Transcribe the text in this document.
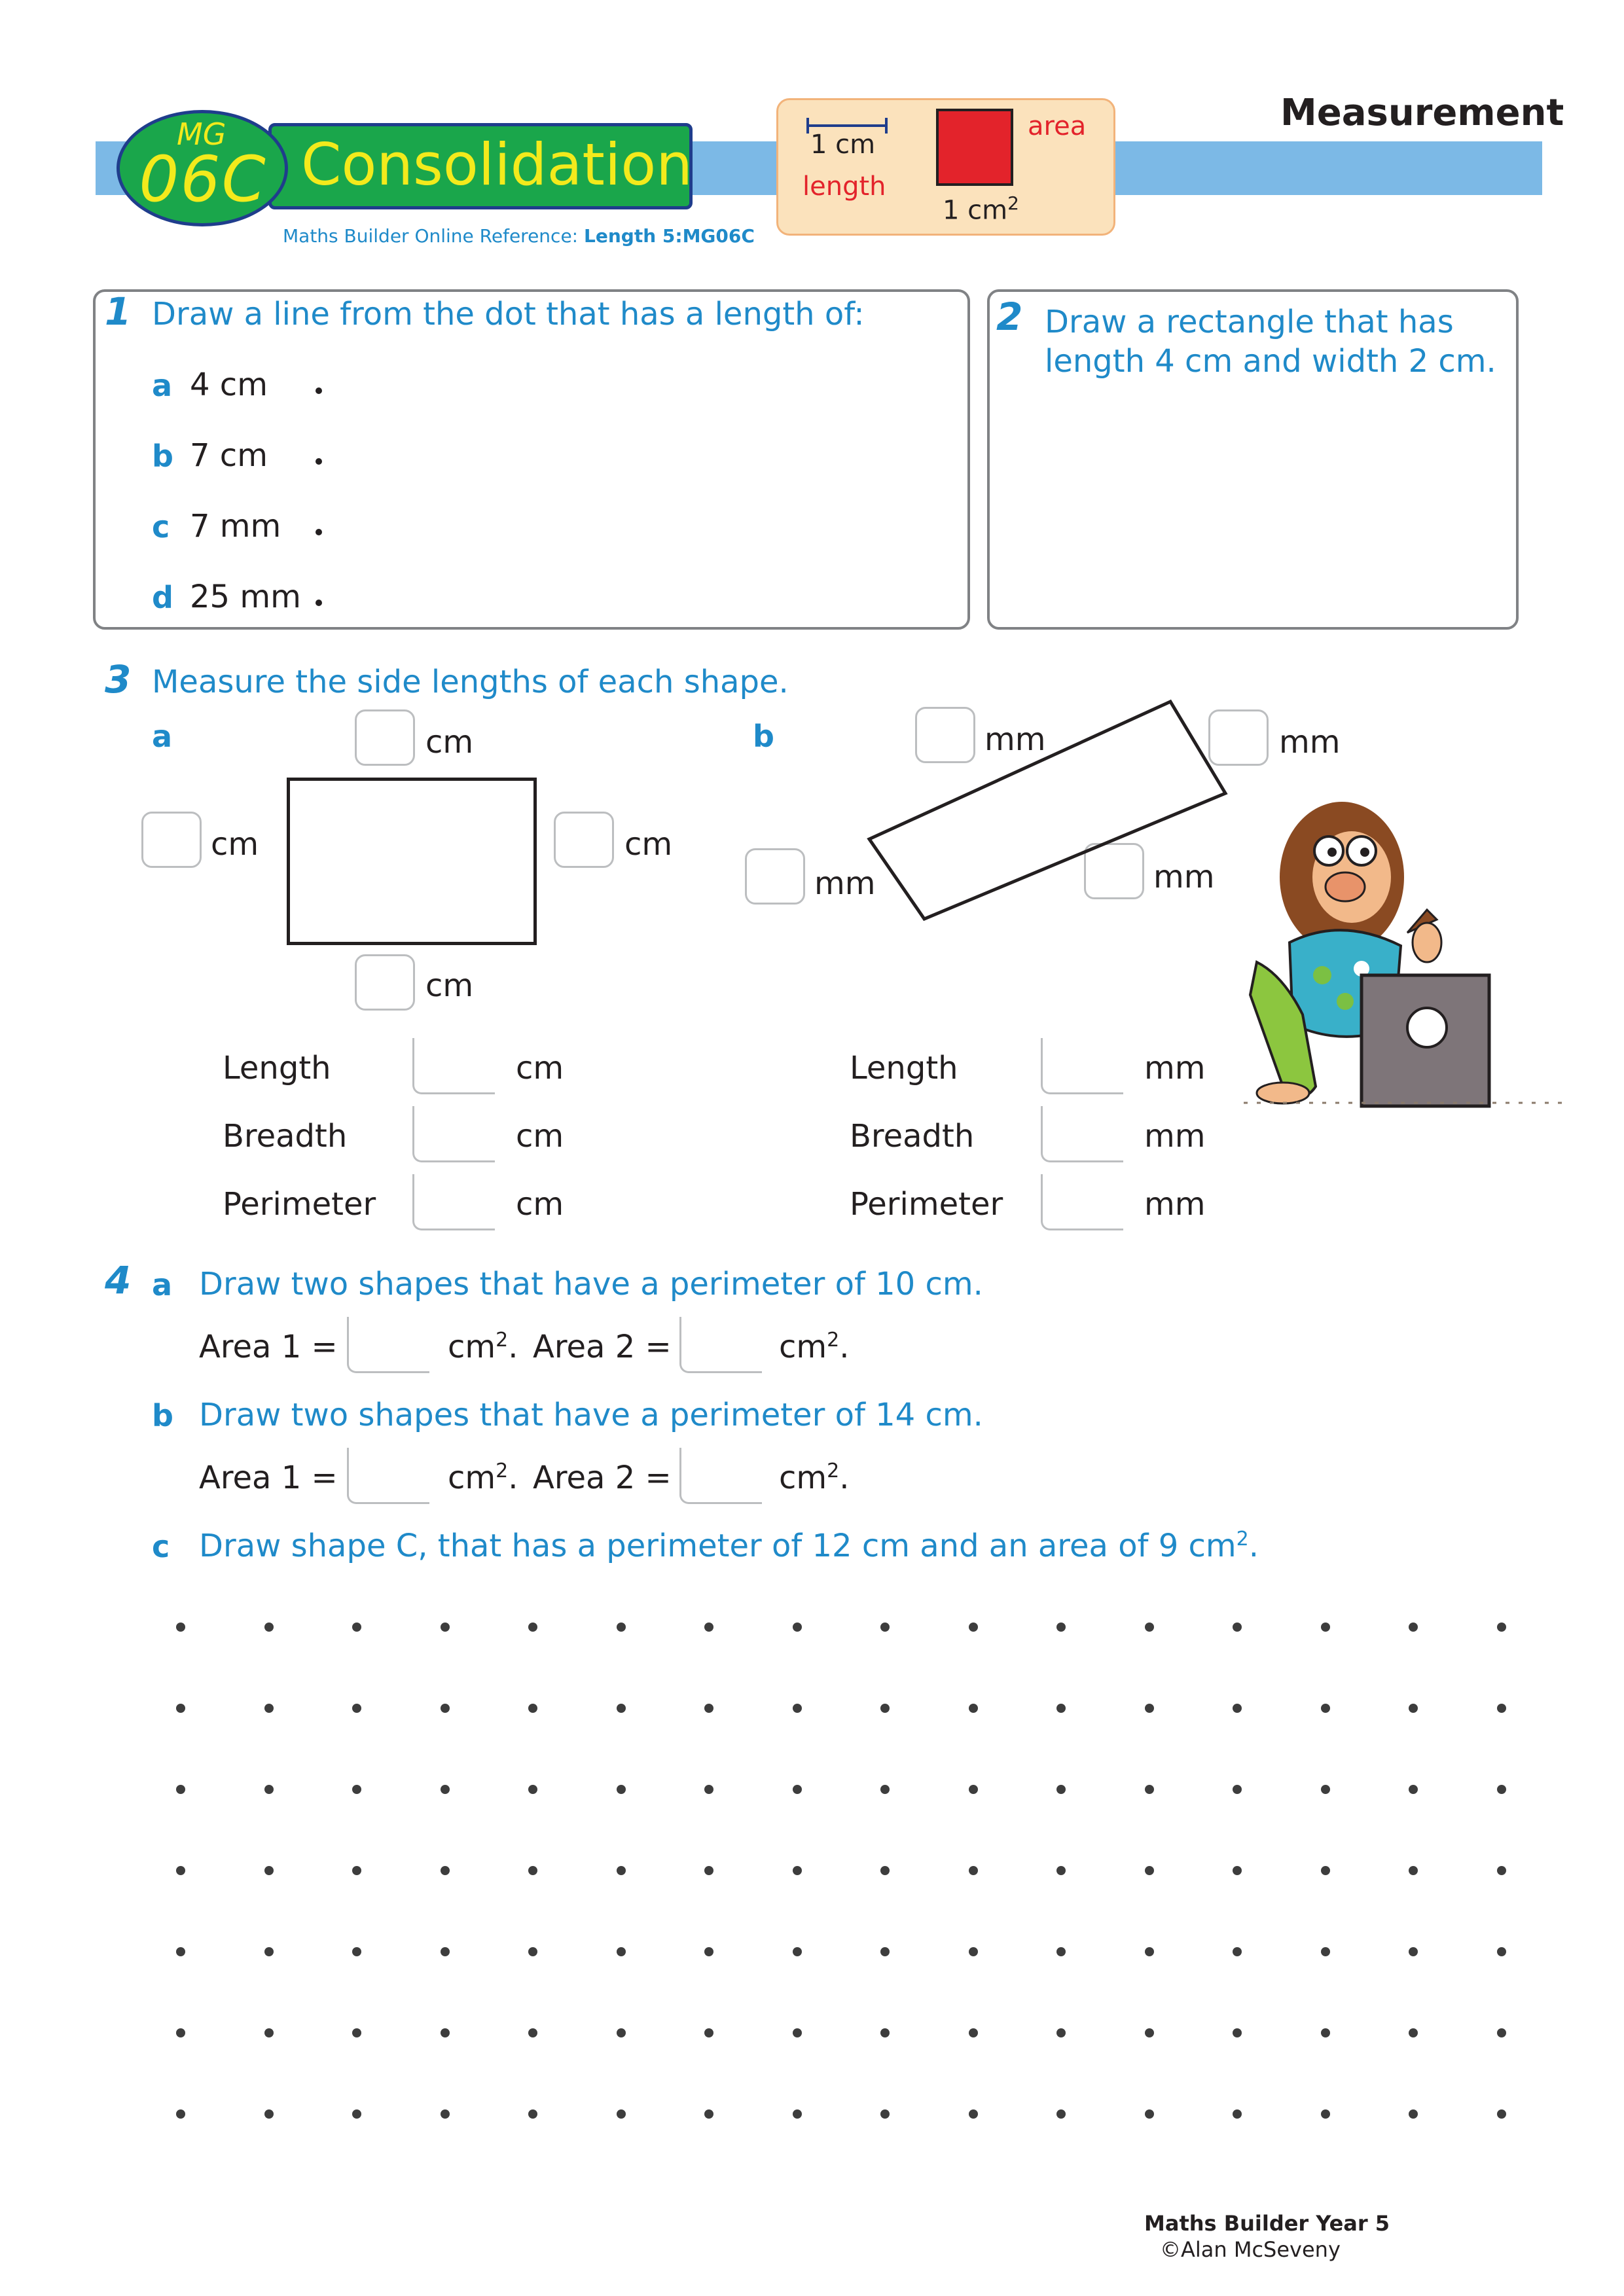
MG
06C Consolidation
Maths Builder Online Reference: Length 5:MG06C
1 cm
length
area
1 $cm^2$
Measurement
1 Draw a line from the dot that has a length of:
a 4 cm
b 7 cm
c 7 mm
d 25 mm
2 Draw a rectangle that has
length 4 cm and width 2 cm.
3 Measure the side lengths of each shape.
a	cm
cm	cm
cm
Length	cm
Breadth	cm
Perimeter	cm
b	mm	mm
mm	mm
Length	mm
Breadth	mm
Perimeter	mm
4 a Draw two shapes that have a perimeter of 10 cm.
Area 1 =	$cm^2$. Area 2 =	$cm^2$.
b Draw two shapes that have a perimeter of 14 cm.
Area 1 =	$cm^2$. Area 2 =	$cm^2$.
c Draw shape C, that has a perimeter of 12 cm and an area of 9 $cm^2$.
Maths Builder Year 5
©Alan McSeveny
